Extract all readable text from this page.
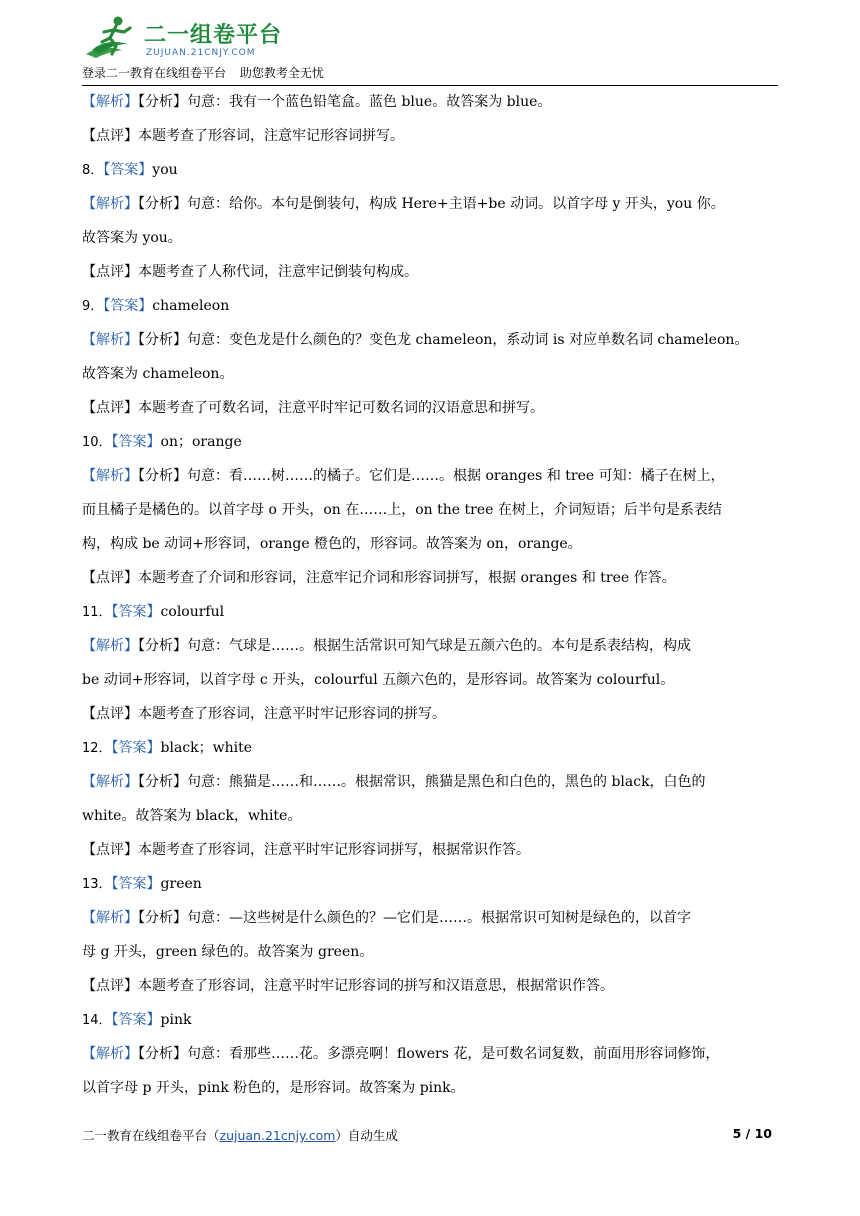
二一组卷平台
ZUJUAN.21CNJY.COM
登录二一教育在线组卷平台 助您教考全无忧

【解析】【分析】句意：我有一个蓝色铅笔盒。蓝色 blue。故答案为 blue。

【点评】本题考查了形容词，注意牢记形容词拼写。

8．【答案】you

【解析】【分析】句意：给你。本句是倒装句，构成 Here+主语+be 动词。以首字母 y 开头，you 你。

故答案为 you。

【点评】本题考查了人称代词，注意牢记倒装句构成。

9．【答案】chameleon

【解析】【分析】句意：变色龙是什么颜色的？变色龙 chameleon，系动词 is 对应单数名词 chameleon。

故答案为 chameleon。

【点评】本题考查了可数名词，注意平时牢记可数名词的汉语意思和拼写。

10．【答案】on；orange

【解析】【分析】句意：看……树……的橘子。它们是……。根据 oranges 和 tree 可知：橘子在树上，

而且橘子是橘色的。以首字母 o 开头，on 在……上，on the tree 在树上，介词短语；后半句是系表结

构，构成 be 动词+形容词，orange 橙色的，形容词。故答案为 on，orange。

【点评】本题考查了介词和形容词，注意牢记介词和形容词拼写，根据 oranges 和 tree 作答。

11．【答案】colourful

【解析】【分析】句意：气球是……。根据生活常识可知气球是五颜六色的。本句是系表结构，构成

be 动词+形容词，以首字母 c 开头，colourful 五颜六色的，是形容词。故答案为 colourful。

【点评】本题考查了形容词，注意平时牢记形容词的拼写。

12．【答案】black；white

【解析】【分析】句意：熊猫是……和……。根据常识，熊猫是黑色和白色的，黑色的 black，白色的

white。故答案为 black，white。

【点评】本题考查了形容词，注意平时牢记形容词拼写，根据常识作答。

13．【答案】green

【解析】【分析】句意：—这些树是什么颜色的？—它们是……。根据常识可知树是绿色的，以首字

母 g 开头，green 绿色的。故答案为 green。

【点评】本题考查了形容词，注意平时牢记形容词的拼写和汉语意思，根据常识作答。

14．【答案】pink

【解析】【分析】句意：看那些……花。多漂亮啊！flowers 花，是可数名词复数，前面用形容词修饰，

以首字母 p 开头，pink 粉色的，是形容词。故答案为 pink。

二一教育在线组卷平台（zujuan.21cnjy.com）自动生成	5 / 10
